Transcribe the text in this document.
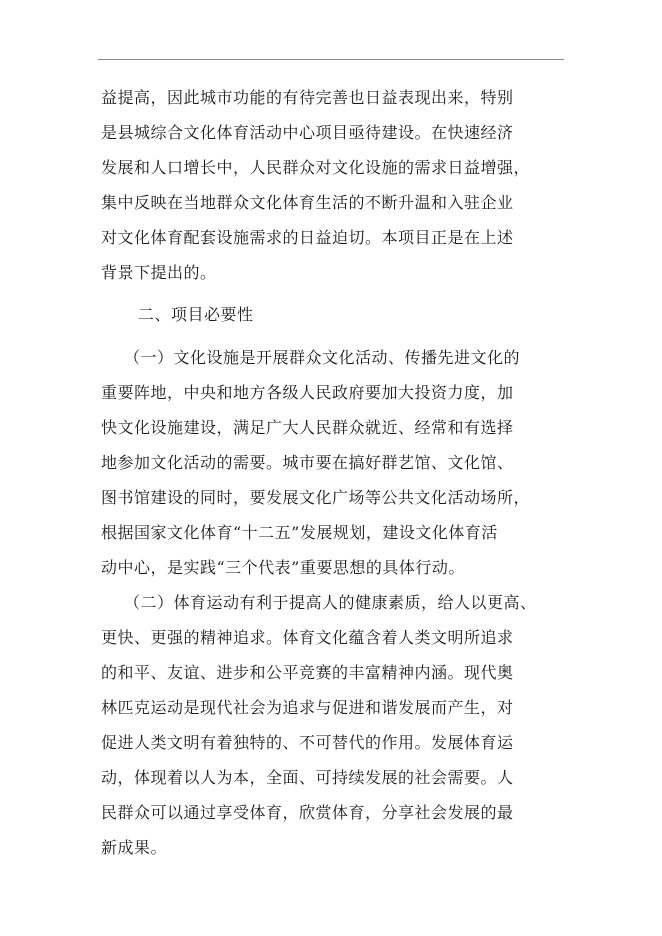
益提高，因此城市功能的有待完善也日益表现出来，特别
是县城综合文化体育活动中心项目亟待建设。在快速经济
发展和人口增长中，人民群众对文化设施的需求日益增强，
集中反映在当地群众文化体育生活的不断升温和入驻企业
对文化体育配套设施需求的日益迫切。本项目正是在上述
背景下提出的。
二、项目必要性
（一）文化设施是开展群众文化活动、传播先进文化的
重要阵地，中央和地方各级人民政府要加大投资力度，加
快文化设施建设，满足广大人民群众就近、经常和有选择
地参加文化活动的需要。城市要在搞好群艺馆、文化馆、
图书馆建设的同时，要发展文化广场等公共文化活动场所，
根据国家文化体育“十二五”发展规划，建设文化体育活
动中心，是实践“三个代表”重要思想的具体行动。
（二）体育运动有利于提高人的健康素质，给人以更高、
更快、更强的精神追求。体育文化蕴含着人类文明所追求
的和平、友谊、进步和公平竞赛的丰富精神内涵。现代奥
林匹克运动是现代社会为追求与促进和谐发展而产生，对
促进人类文明有着独特的、不可替代的作用。发展体育运
动，体现着以人为本，全面、可持续发展的社会需要。人
民群众可以通过享受体育，欣赏体育，分享社会发展的最
新成果。
